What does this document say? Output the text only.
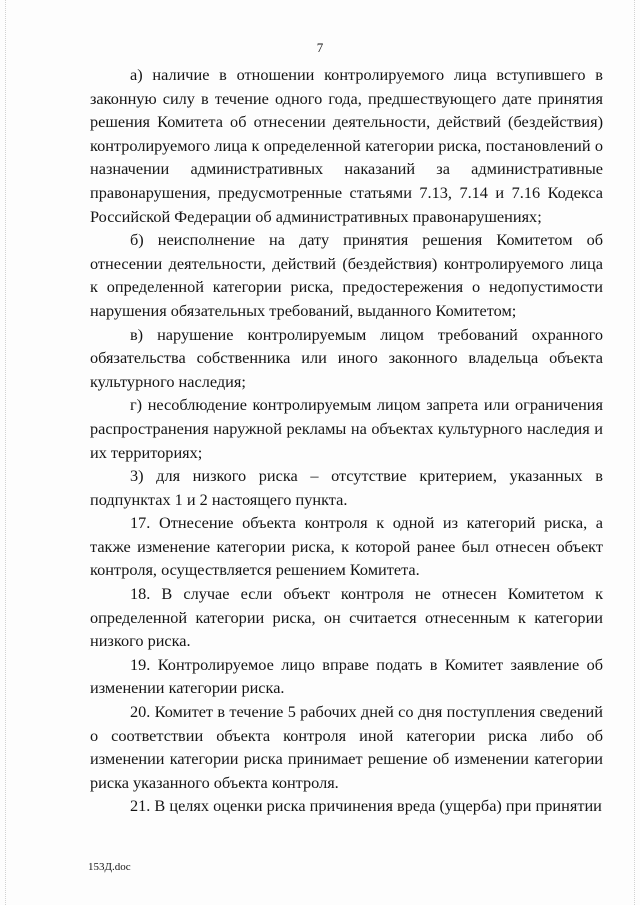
7

а) наличие в отношении контролируемого лица вступившего в законную силу в течение одного года, предшествующего дате принятия решения Комитета об отнесении деятельности, действий (бездействия) контролируемого лица к определенной категории риска, постановлений о назначении административных наказаний за административные правонарушения, предусмотренные статьями 7.13, 7.14 и 7.16 Кодекса Российской Федерации об административных правонарушениях;

б) неисполнение на дату принятия решения Комитетом об отнесении деятельности, действий (бездействия) контролируемого лица к определенной категории риска, предостережения о недопустимости нарушения обязательных требований, выданного Комитетом;

в) нарушение контролируемым лицом требований охранного обязательства собственника или иного законного владельца объекта культурного наследия;

г) несоблюдение контролируемым лицом запрета или ограничения распространения наружной рекламы на объектах культурного наследия и их территориях;

3) для низкого риска – отсутствие критерием, указанных в подпунктах 1 и 2 настоящего пункта.

17. Отнесение объекта контроля к одной из категорий риска, а также изменение категории риска, к которой ранее был отнесен объект контроля, осуществляется решением Комитета.

18. В случае если объект контроля не отнесен Комитетом к определенной категории риска, он считается отнесенным к категории низкого риска.

19. Контролируемое лицо вправе подать в Комитет заявление об изменении категории риска.

20. Комитет в течение 5 рабочих дней со дня поступления сведений о соответствии объекта контроля иной категории риска либо об изменении категории риска принимает решение об изменении категории риска указанного объекта контроля.

21. В целях оценки риска причинения вреда (ущерба) при принятии

153Д.doc
